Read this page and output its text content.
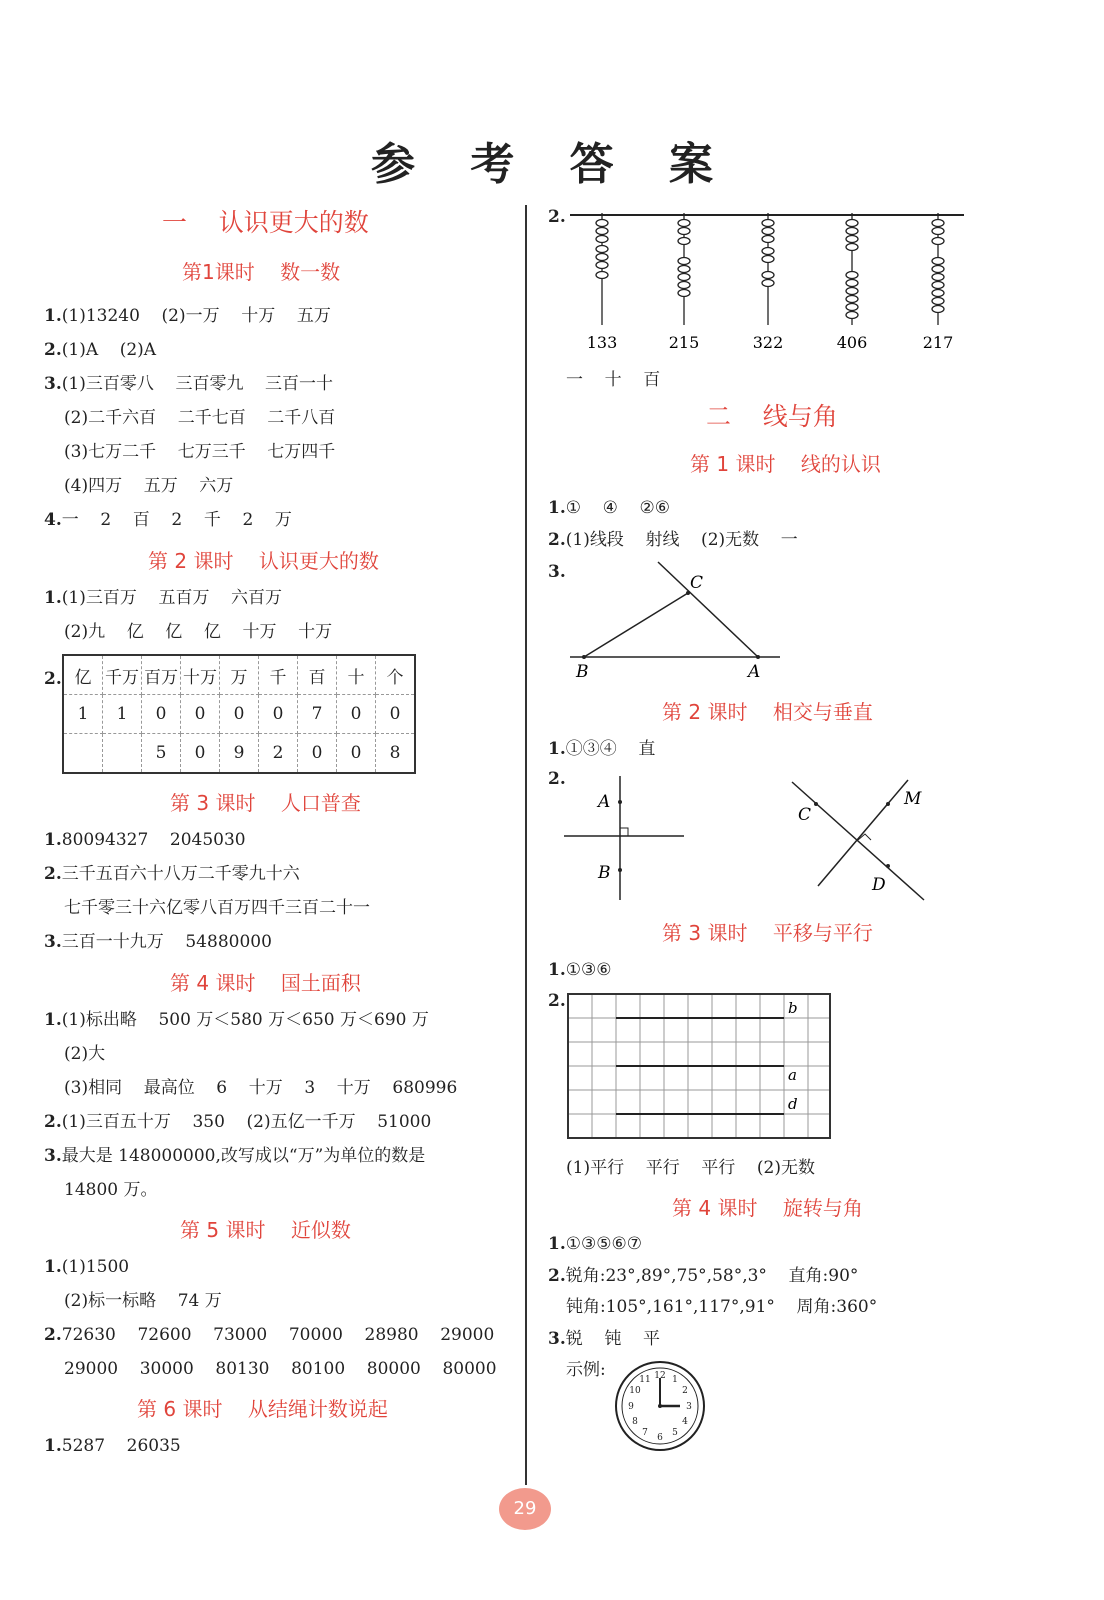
参 考 答 案
一    认识更大的数
第1课时    数一数
1.(1)13240    (2)一万    十万    五万
2.(1)A    (2)A
3.(1)三百零八    三百零九    三百一十
(2)二千六百    二千七百    二千八百
(3)七万二千    七万三千    七万四千
(4)四万    五万    六万
4.一    2    百    2    千    2    万
第 2 课时    认识更大的数
1.(1)三百万    五百万    六百万
(2)九    亿    亿    亿    十万    十万
2. 亿	千万	百万	十万	万	千	百	十	个
1	1	0	0	0	0	7	0	0
		5	0	9	2	0	0	8
第 3 课时    人口普查
1.80094327    2045030
2.三千五百六十八万二千零九十六
七千零三十六亿零八百万四千三百二十一
3.三百一十九万    54880000
第 4 课时    国土面积
1.(1)标出略    500 万＜580 万＜650 万＜690 万
(2)大
(3)相同    最高位    6    十万    3    十万    680996
2.(1)三百五十万    350    (2)五亿一千万    51000
3.最大是 148000000,改写成以“万”为单位的数是
14800 万。
第 5 课时    近似数
1.(1)1500
(2)标一标略    74 万
2.72630    72600    73000    70000    28980    29000
29000    30000    80130    80100    80000    80000
第 6 课时    从结绳计数说起
1.5287    26035
2.
133	215	322	406	217
一    十    百
二    线与角
第 1 课时    线的认识
1.①    ④    ②⑥
2.(1)线段    射线    (2)无数    一
3.
C
B	A
第 2 课时    相交与垂直
1.①③④    直
2.
A
B
C
M
D
第 3 课时    平移与平行
1.①③⑥
2.	b
a
d
(1)平行    平行    平行    (2)无数
第 4 课时    旋转与角
1.①③⑤⑥⑦
2.锐角:23°,89°,75°,58°,3°    直角:90°
钝角:105°,161°,117°,91°    周角:360°
3.锐    钝    平
示例:	12 1
2
3
4
5
6
7
8
9
10
11
29
